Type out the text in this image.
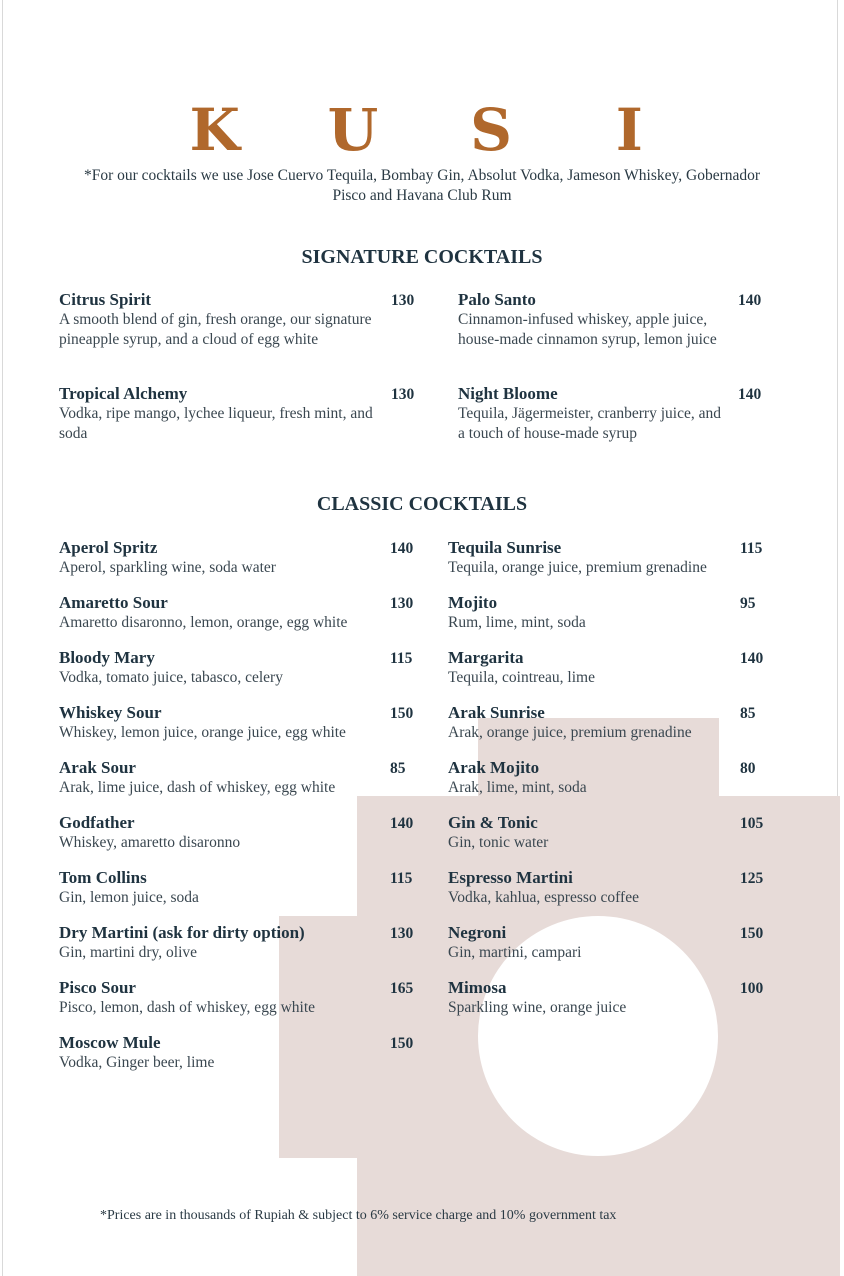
K U S I
*For our cocktails we use Jose Cuervo Tequila, Bombay Gin, Absolut Vodka, Jameson Whiskey, Gobernador Pisco and Havana Club Rum
SIGNATURE COCKTAILS
Citrus Spirit
A smooth blend of gin, fresh orange, our signature pineapple syrup, and a cloud of egg white
130	Palo Santo
Cinnamon-infused whiskey, apple juice, house-made cinnamon syrup, lemon juice
140
Tropical Alchemy
Vodka, ripe mango, lychee liqueur, fresh mint, and soda
130	Night Bloome
Tequila, Jägermeister, cranberry juice, and a touch of house-made syrup
140
CLASSIC COCKTAILS
Aperol Spritz
Aperol, sparkling wine, soda water
140
Amaretto Sour
Amaretto disaronno, lemon, orange, egg white
130
Bloody Mary
Vodka, tomato juice, tabasco, celery
115
Whiskey Sour
Whiskey, lemon juice, orange juice, egg white
150
Arak Sour
Arak, lime juice, dash of whiskey, egg white
85
Godfather
Whiskey, amaretto disaronno
140
Tom Collins
Gin, lemon juice, soda
115
Dry Martini (ask for dirty option)
Gin, martini dry, olive
130
Pisco Sour
Pisco, lemon, dash of whiskey, egg white
165
Moscow Mule
Vodka, Ginger beer, lime
150
Tequila Sunrise
Tequila, orange juice, premium grenadine
115
Mojito
Rum, lime, mint, soda
95
Margarita
Tequila, cointreau, lime
140
Arak Sunrise
Arak, orange juice, premium grenadine
85
Arak Mojito
Arak, lime, mint, soda
80
Gin & Tonic
Gin, tonic water
105
Espresso Martini
Vodka, kahlua, espresso coffee
125
Negroni
Gin, martini, campari
150
Mimosa
Sparkling wine, orange juice
100
*Prices are in thousands of Rupiah & subject to 6% service charge and 10% government tax
